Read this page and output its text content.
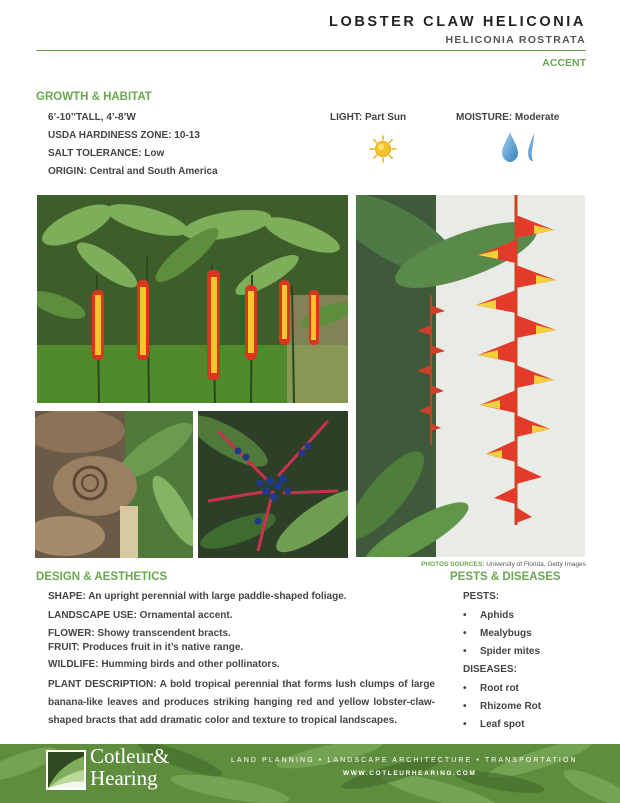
LOBSTER CLAW HELICONIA
HELICONIA ROSTRATA
ACCENT
GROWTH & HABITAT
6’-10’’TALL, 4’-8’W
USDA HARDINESS ZONE: 10-13
SALT TOLERANCE: Low
ORIGIN: Central and South America
LIGHT: Part Sun	MOISTURE: Moderate
PHOTOS SOURCES: University of Florida, Getty Images
DESIGN & AESTHETICS
SHAPE: An upright perennial with large paddle-shaped foliage.
LANDSCAPE USE: Ornamental accent.
FLOWER: Showy transcendent bracts.
FRUIT: Produces fruit in it’s native range.
WILDLIFE: Humming birds and other pollinators.
PLANT DESCRIPTION: A bold tropical perennial that forms lush clumps of large banana-like leaves and produces striking hanging red and yellow lobster-claw-shaped bracts that add dramatic color and texture to tropical landscapes.
PESTS & DISEASES
PESTS:
• Aphids
• Mealybugs
• Spider mites
DISEASES:
• Root rot
• Rhizome Rot
• Leaf spot
Cotleur&
Hearing
LAND PLANNING • LANDSCAPE ARCHITECTURE • TRANSPORTATION
WWW.COTLEURHEARING.COM
